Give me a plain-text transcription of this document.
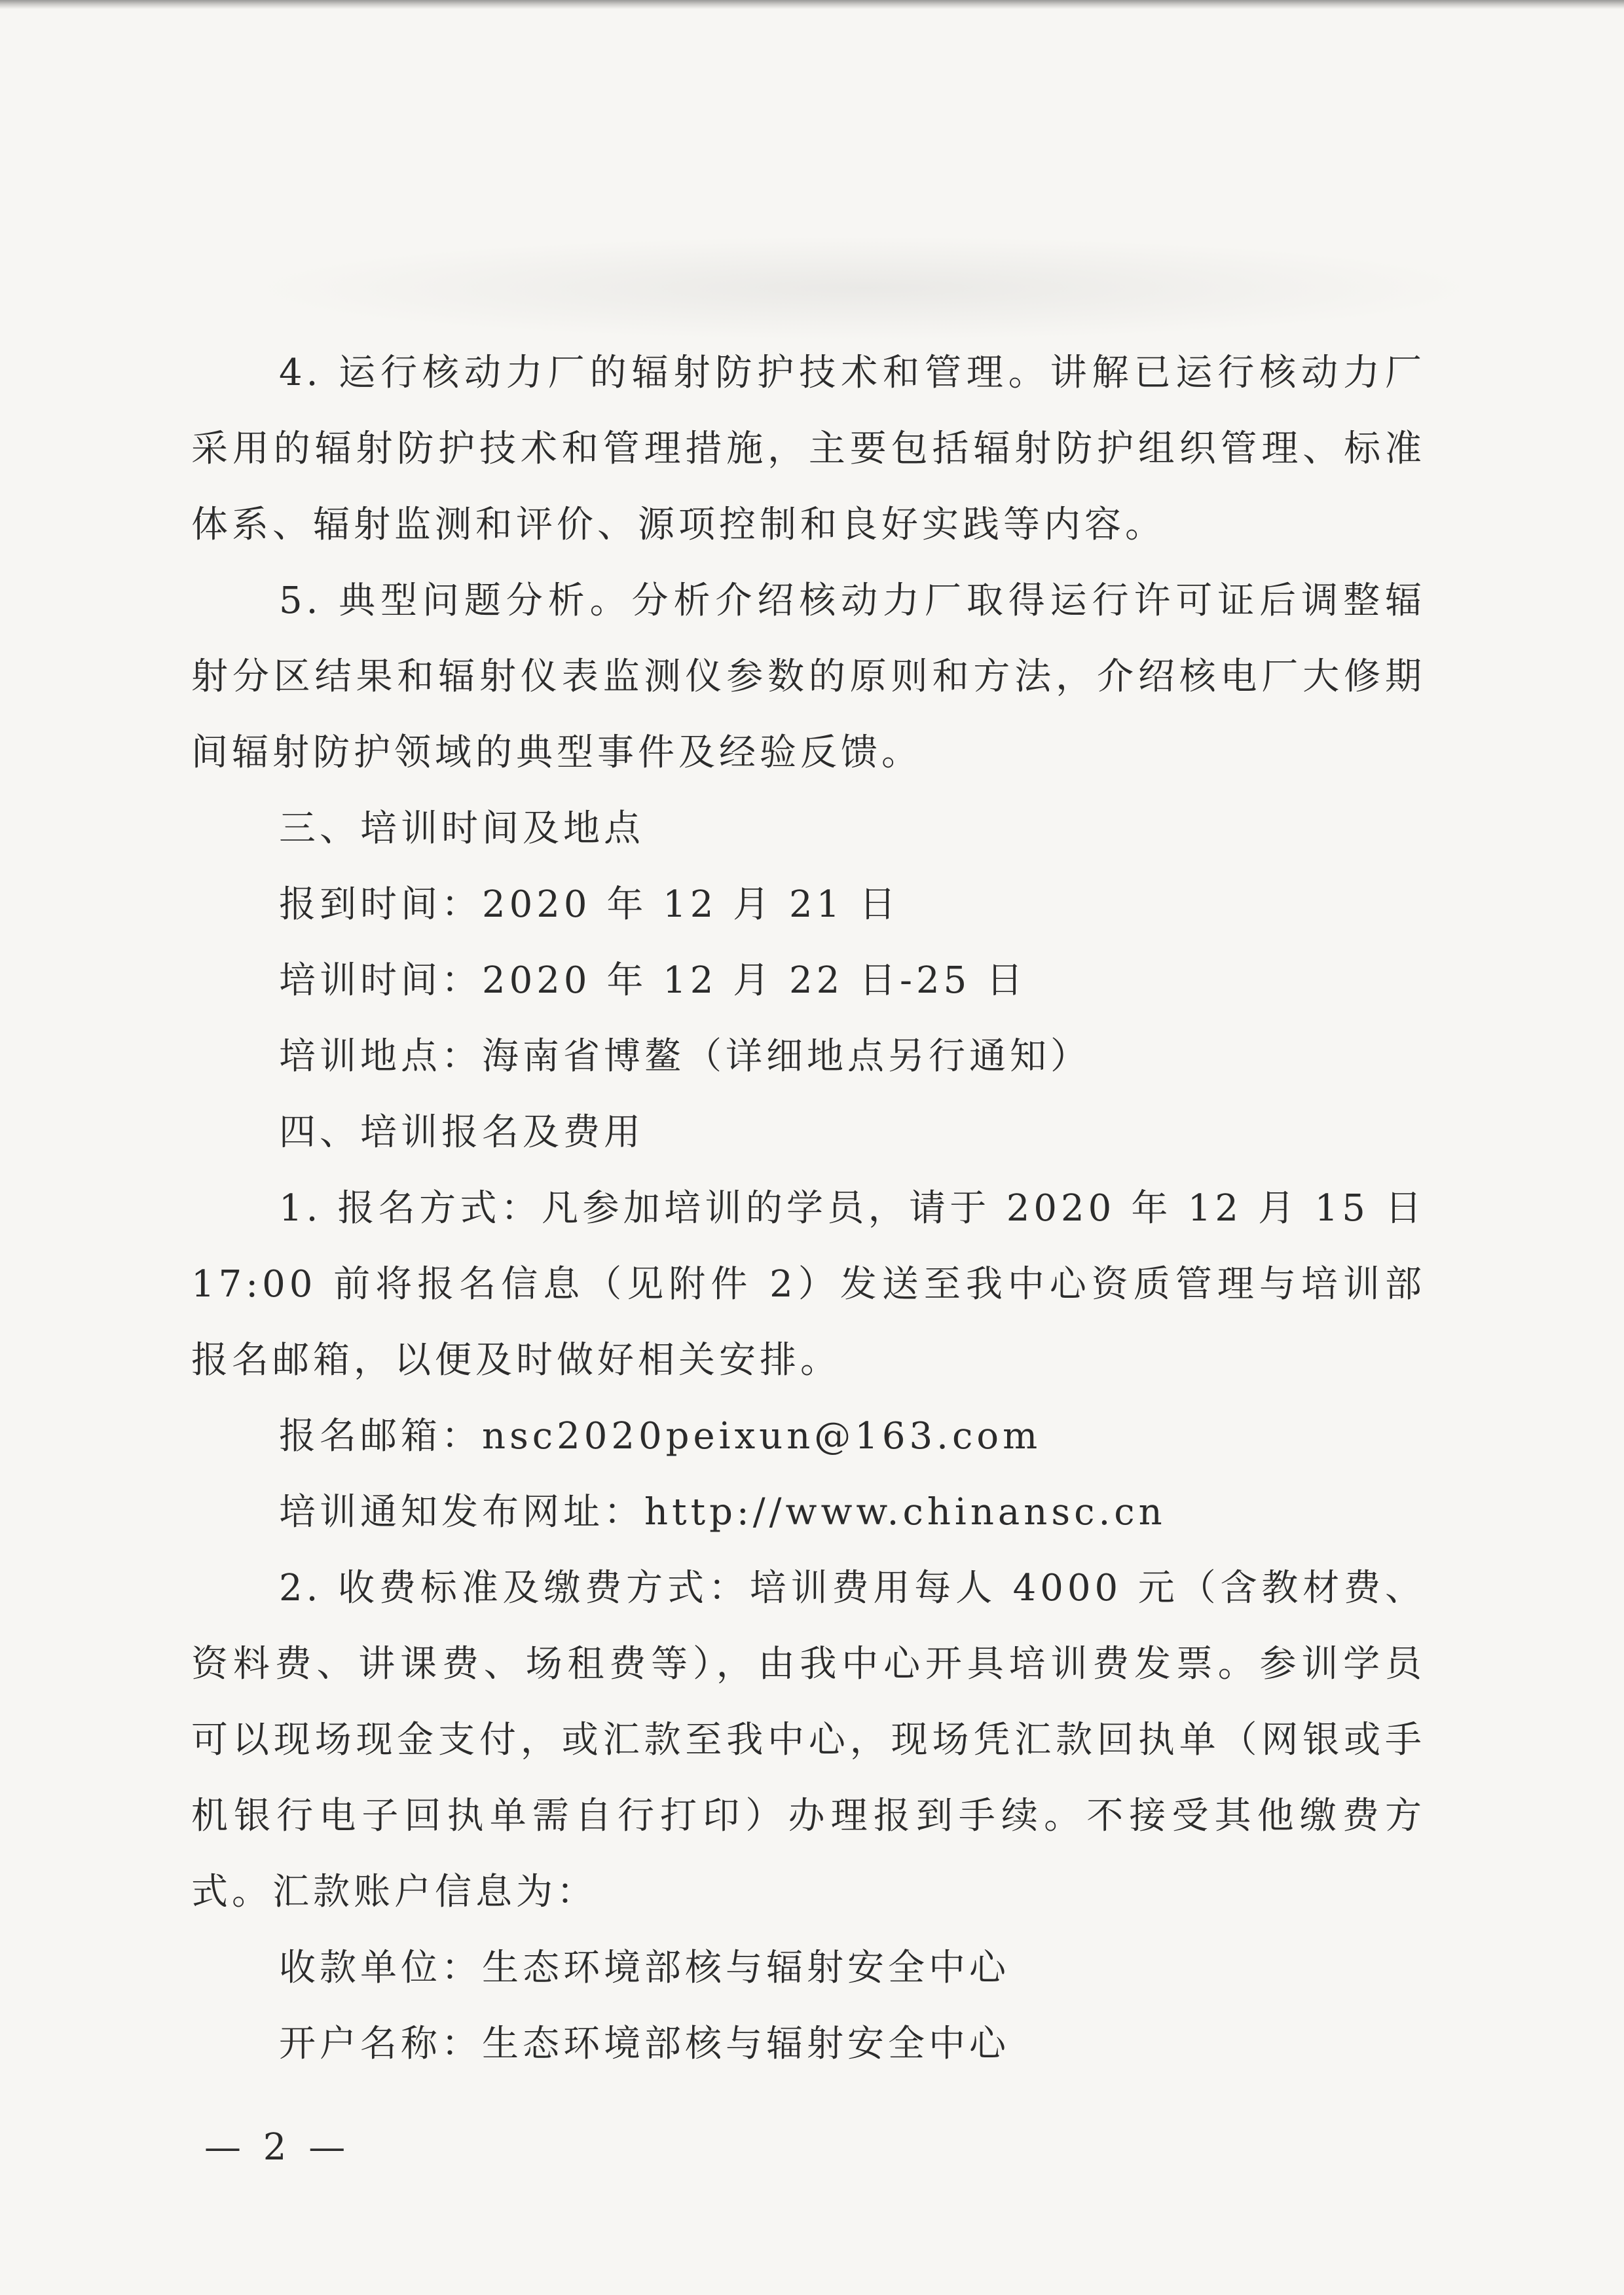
4. 运行核动力厂的辐射防护技术和管理。讲解已运行核动力厂采用的辐射防护技术和管理措施，主要包括辐射防护组织管理、标准体系、辐射监测和评价、源项控制和良好实践等内容。

5. 典型问题分析。分析介绍核动力厂取得运行许可证后调整辐射分区结果和辐射仪表监测仪参数的原则和方法，介绍核电厂大修期间辐射防护领域的典型事件及经验反馈。

三、培训时间及地点

报到时间：2020 年 12 月 21 日

培训时间：2020 年 12 月 22 日-25 日

培训地点：海南省博鳌（详细地点另行通知）

四、培训报名及费用

1. 报名方式：凡参加培训的学员，请于 2020 年 12 月 15 日 17:00 前将报名信息（见附件 2）发送至我中心资质管理与培训部报名邮箱，以便及时做好相关安排。

报名邮箱：nsc2020peixun@163.com

培训通知发布网址：http://www.chinansc.cn

2. 收费标准及缴费方式：培训费用每人 4000 元（含教材费、资料费、讲课费、场租费等），由我中心开具培训费发票。参训学员可以现场现金支付，或汇款至我中心，现场凭汇款回执单（网银或手机银行电子回执单需自行打印）办理报到手续。不接受其他缴费方式。汇款账户信息为：

收款单位：生态环境部核与辐射安全中心

开户名称：生态环境部核与辐射安全中心

— 2 —
